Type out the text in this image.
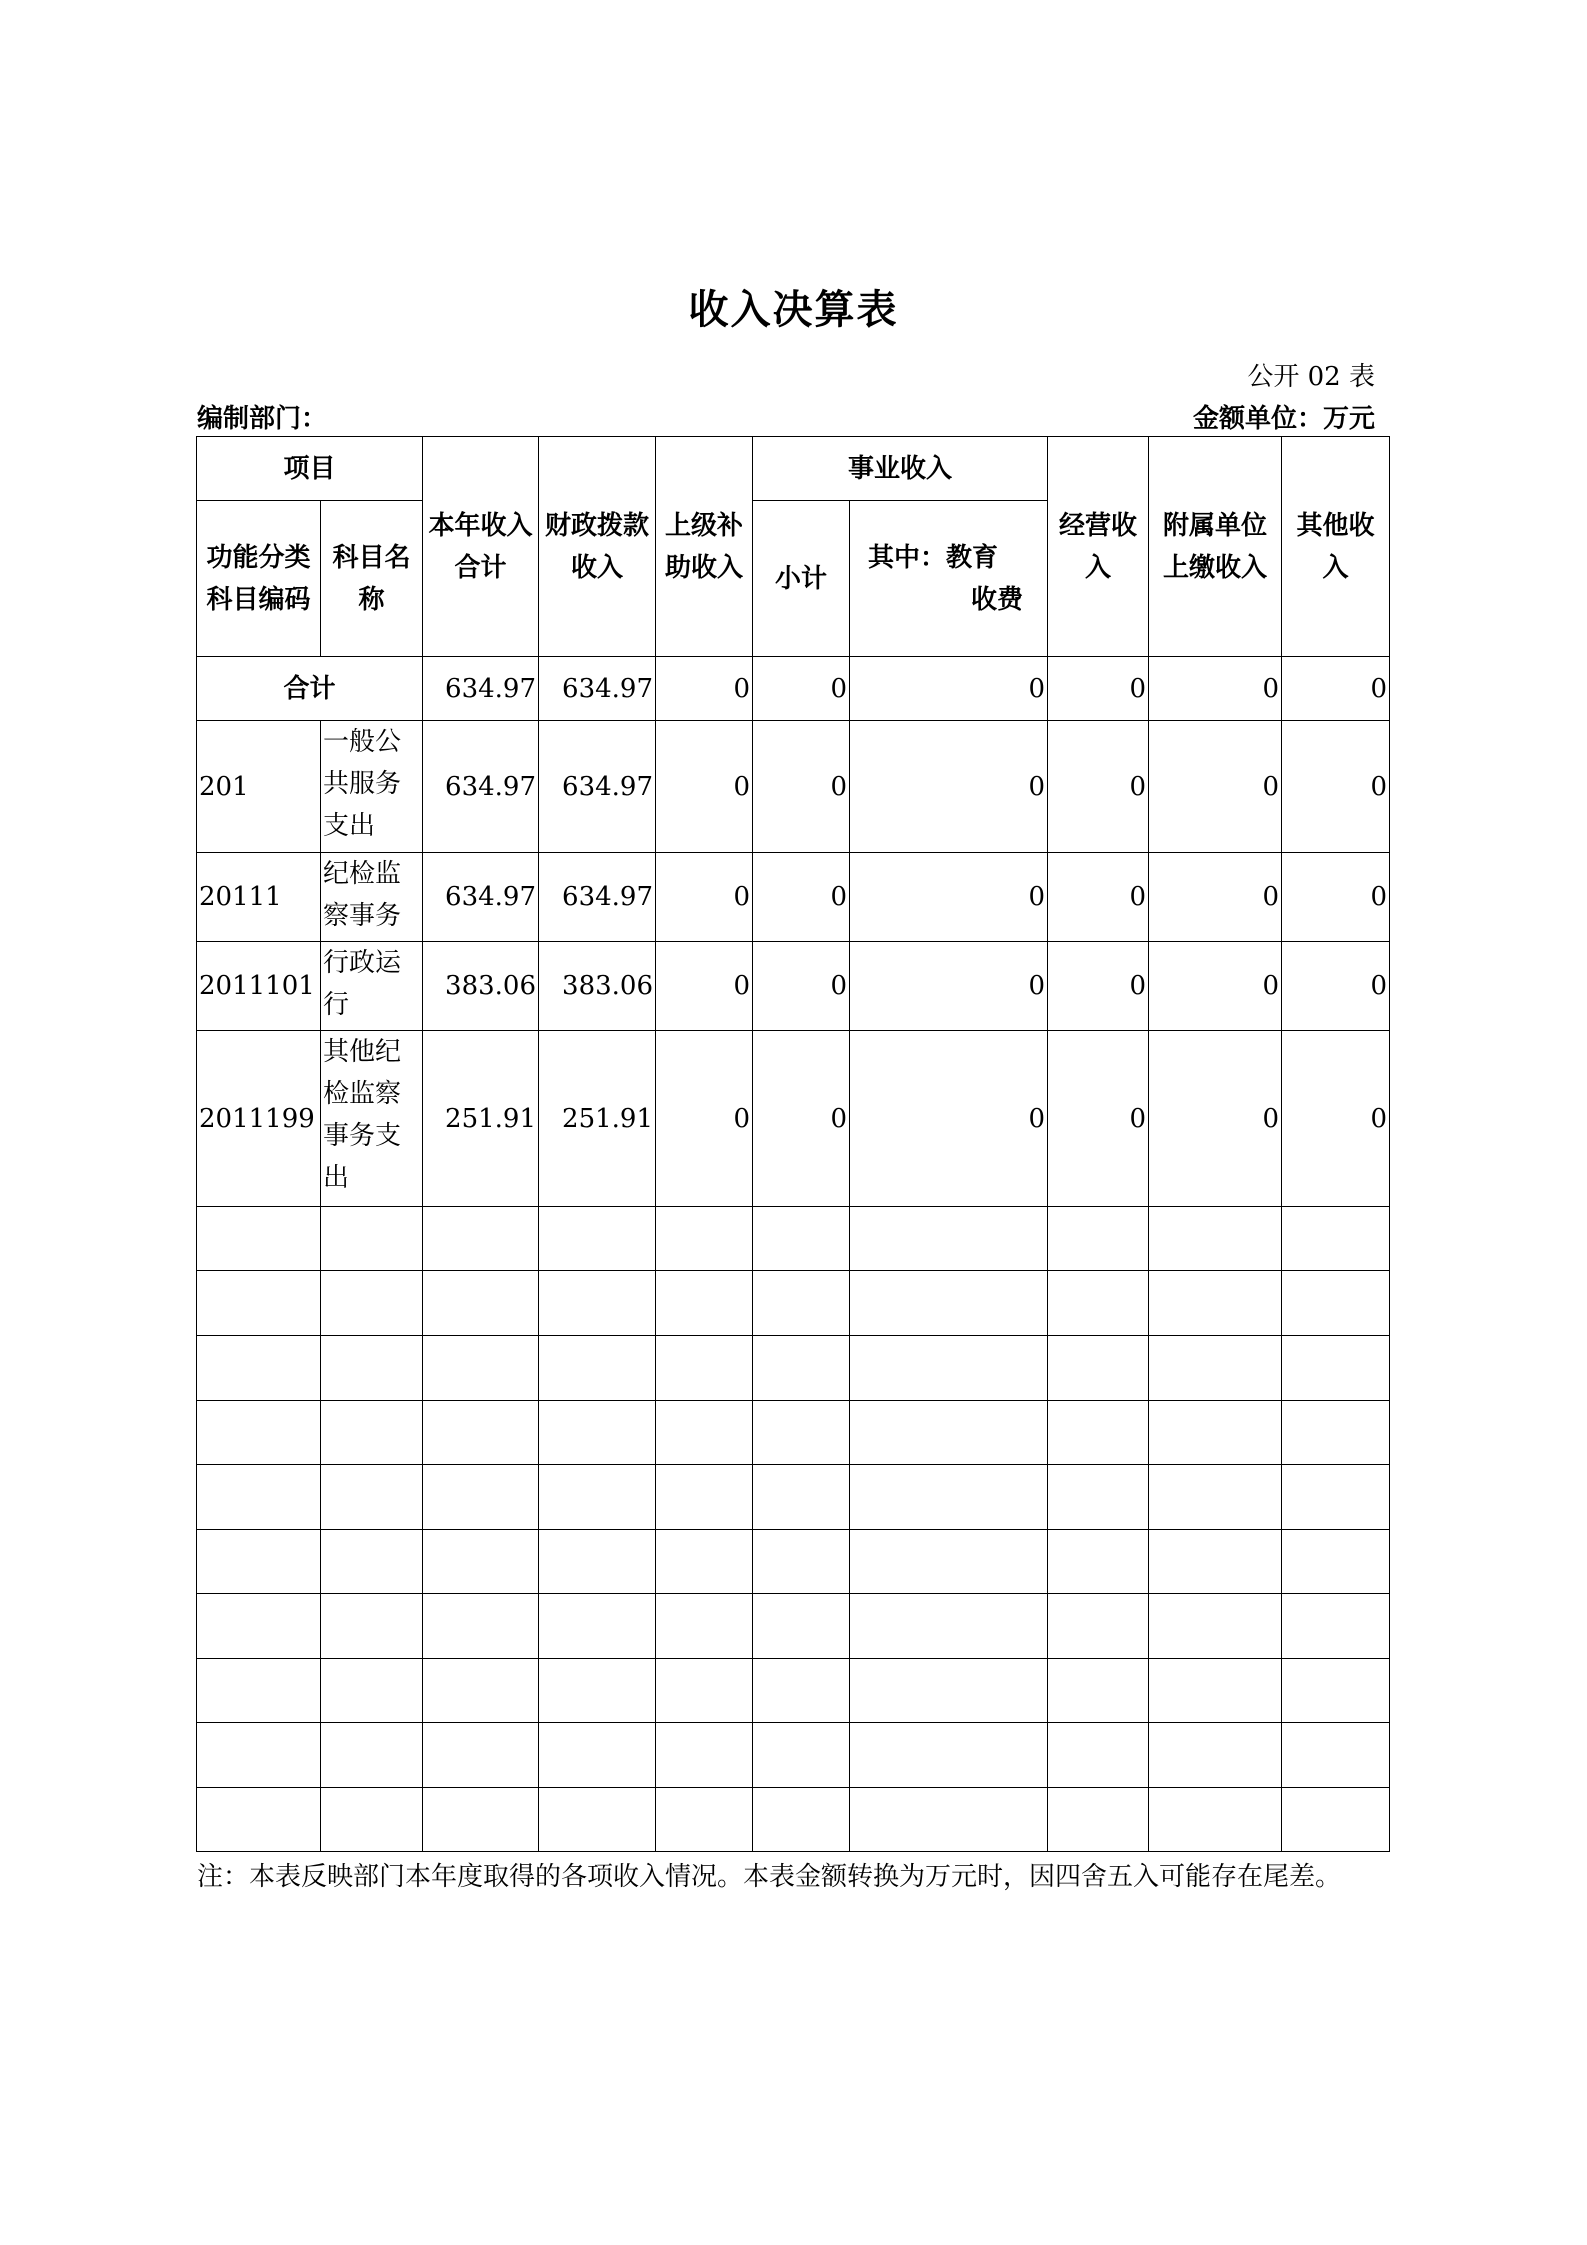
收入决算表
公开 02 表
编制部门：	金额单位：万元
项目		本年收入合计	财政拨款收入	上级补助收入	事业收入		经营收入	附属单位上缴收入	其他收入
功能分类科目编码	科目名称				小计	其中：教育
收费			

合计		634.97	634.97	0	0	0	0	0	0
201	一般公共服务支出	634.97	634.97	0	0	0	0	0	0
20111	纪检监察事务	634.97	634.97	0	0	0	0	0	0
2011101	行政运行	383.06	383.06	0	0	0	0	0	0
2011199	其他纪检监察事务支出	251.91	251.91	0	0	0	0	0	0

注：本表反映部门本年度取得的各项收入情况。本表金额转换为万元时，因四舍五入可能存在尾差。
